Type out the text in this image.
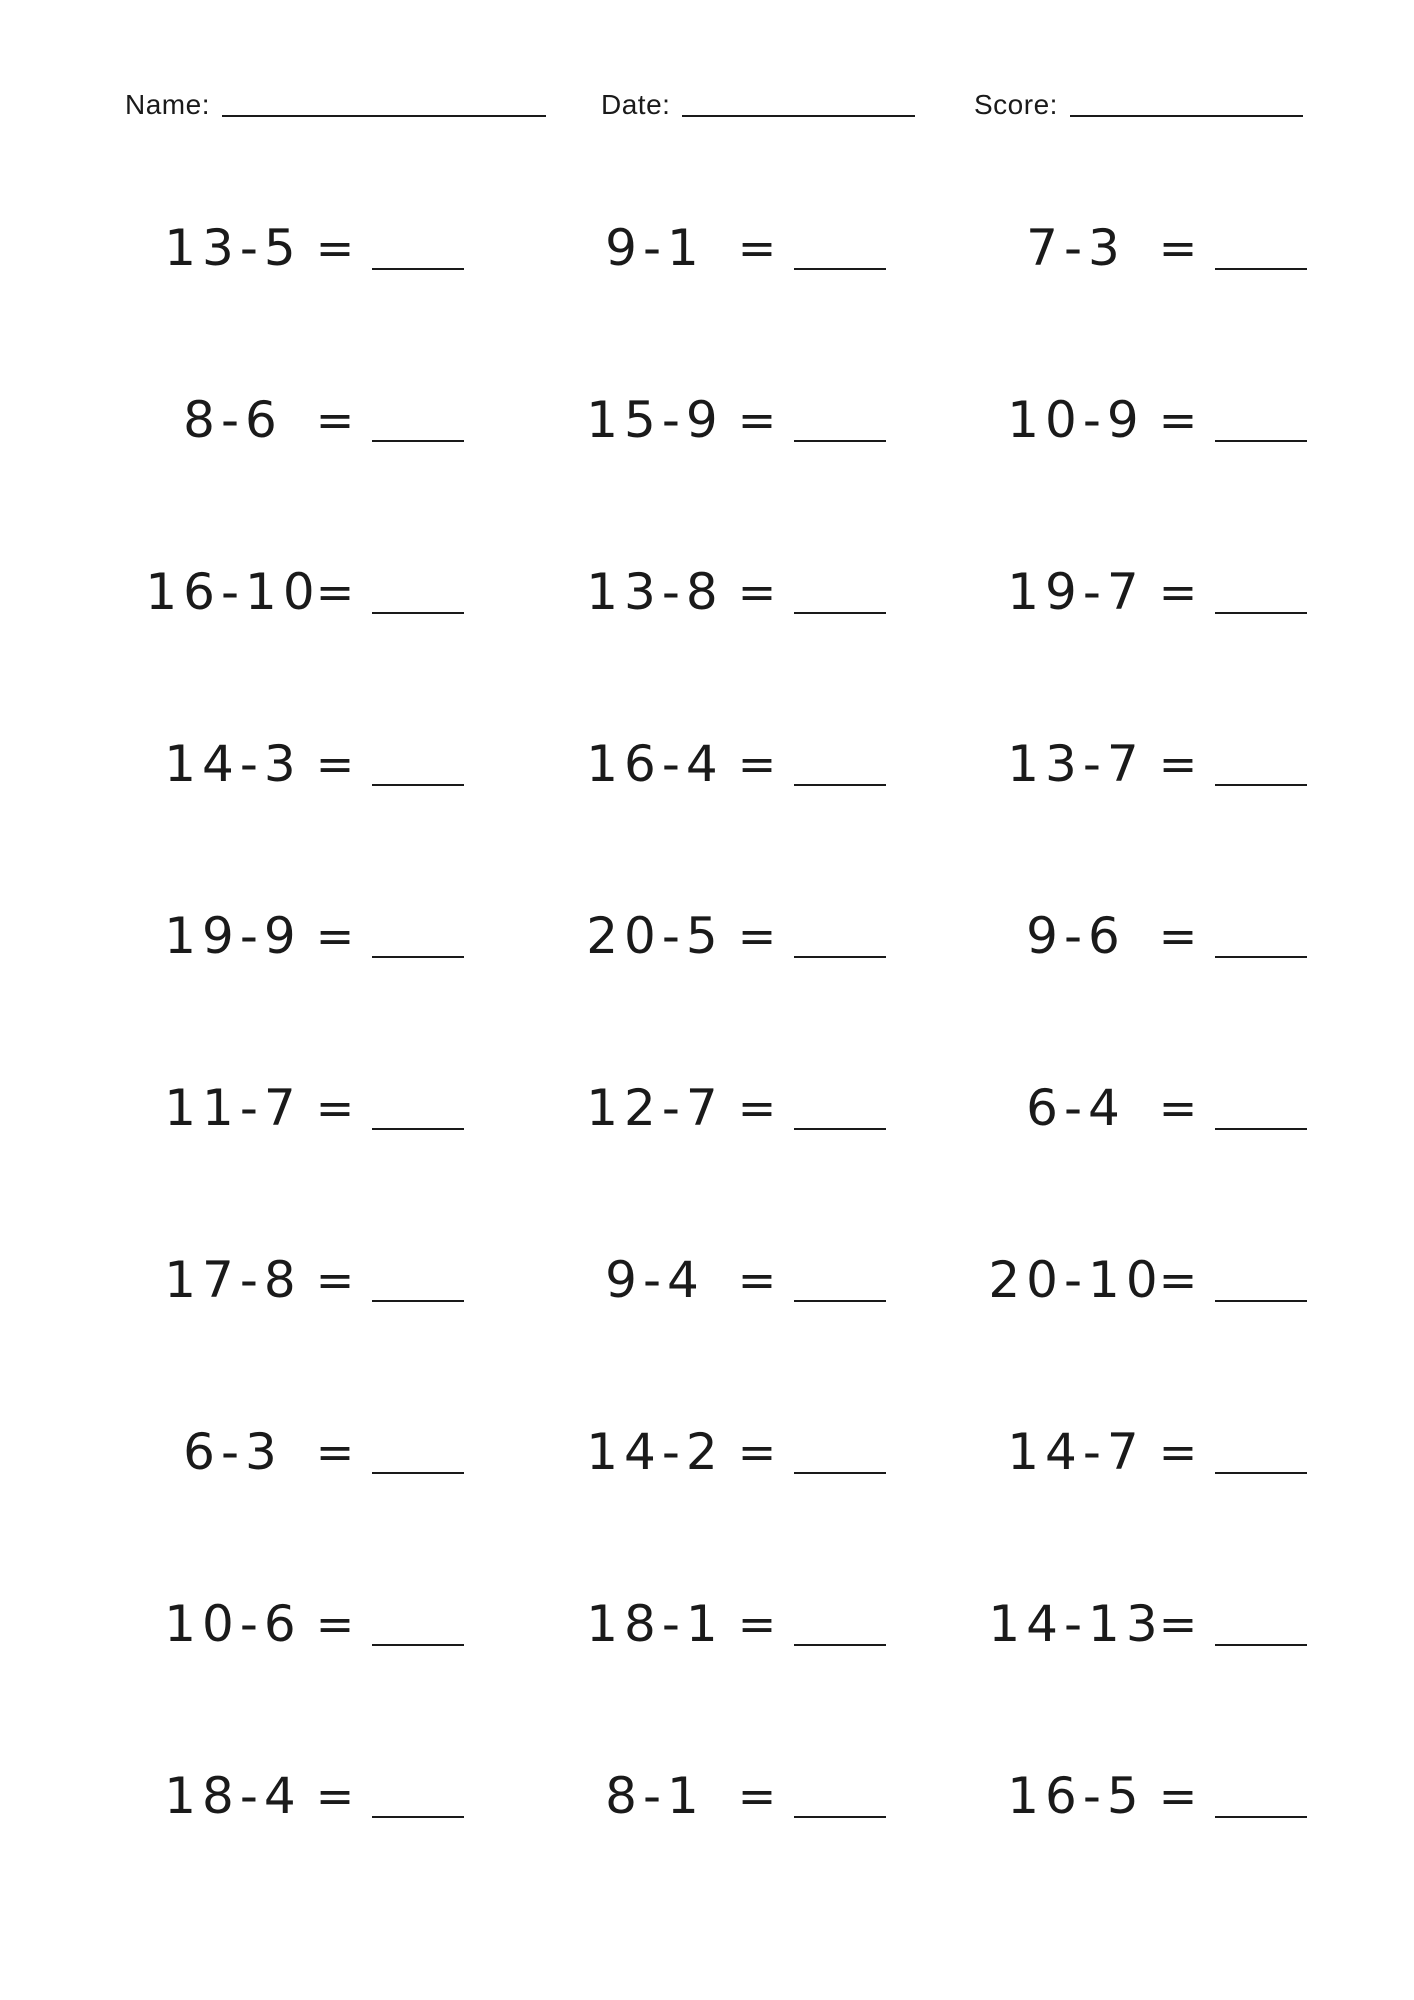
Name:	Date:	Score:
13-5 =
8-6 =
16-10
=
14-3 =
19-9 =
11-7 =
17-8 =
6-3 =
10-6 =
18-4 =
9-1 =
15-9 =
13-8 =
16-4 =
20-5 =
12-7 =
9-4 =
14-2 =
18-1 =
8-1 =
7-3 =
10-9 =
19-7 =
13-7 =
9-6 =
6-4 =
20-10
=
14-7 =
14-13
=
16-5 =
